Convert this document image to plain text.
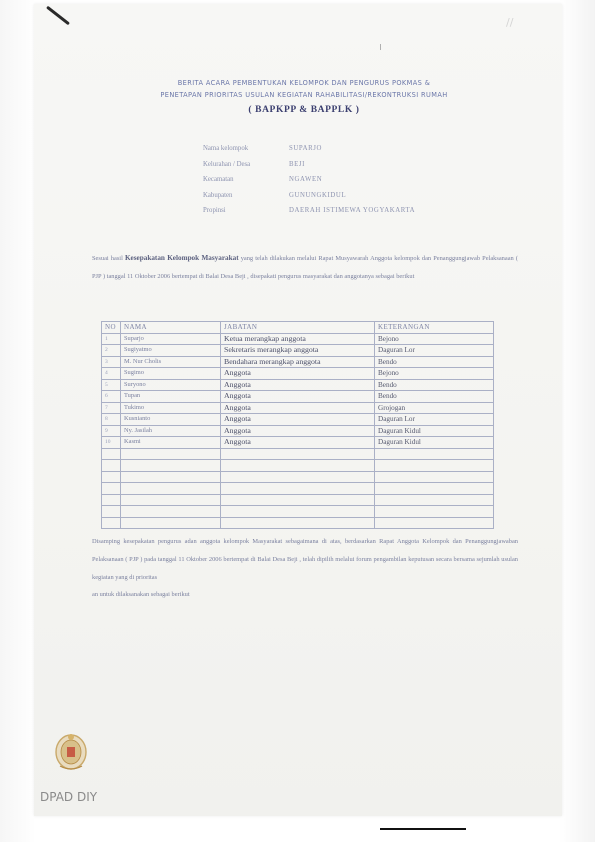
//
BERITA ACARA PEMBENTUKAN KELOMPOK DAN PENGURUS POKMAS &
PENETAPAN PRIORITAS USULAN KEGIATAN RAHABILITASI/REKONTRUKSI RUMAH
( BAPKPP & BAPPLK )
Nama kelompok	SUPARJO
Kelurahan / Desa	BEJI
Kecamatan	NGAWEN
Kabupaten	GUNUNGKIDUL
Propinsi	DAERAH ISTIMEWA YOGYAKARTA
Sesuai hasil Kesepakatan Kelompok Masyarakat yang telah dilakukan melalui Rapat Musyawarah Anggota kelompok dan Penanggungjawab Pelaksanaan ( PJP ) tanggal 11 Oktober 2006 bertempat di Balai Desa Beji , disepakati pengurus masyarakat dan anggotanya sebagai berikut
NO	NAMA	JABATAN	KETERANGAN
1	Suparjo	Ketua merangkap anggota	Bejono
2	Sugiyatmo	Sekretaris merangkap anggota	Daguran Lor
3	M. Nur Cholis	Bendahara merangkap anggota	Bendo
4	Sugimo	Anggota	Bejono
5	Suryono	Anggota	Bendo
6	Tupan	Anggota	Bendo
7	Tukimo	Anggota	Grojogan
8	Kusnianto	Anggota	Daguran Lor
9	Ny. Jasilah	Anggota	Daguran Kidul
10	Kasmi	Anggota	Daguran Kidul

Disamping kesepakatan pengurus adan anggota kelompok Masyarakat sebagaimana di atas, berdasarkan Rapat Anggota Kelompok dan Penanggungjawaban Pelaksanaan ( PJP ) pada tanggal 11 Oktober 2006 bertempat di Balai Desa Beji , telah dipilih melalui forum pengambilan keputusan secara bersama sejumlah usulan kegiatan yang di prioritas
an untuk dilaksanakan sebagai berikut
DPAD DIY
